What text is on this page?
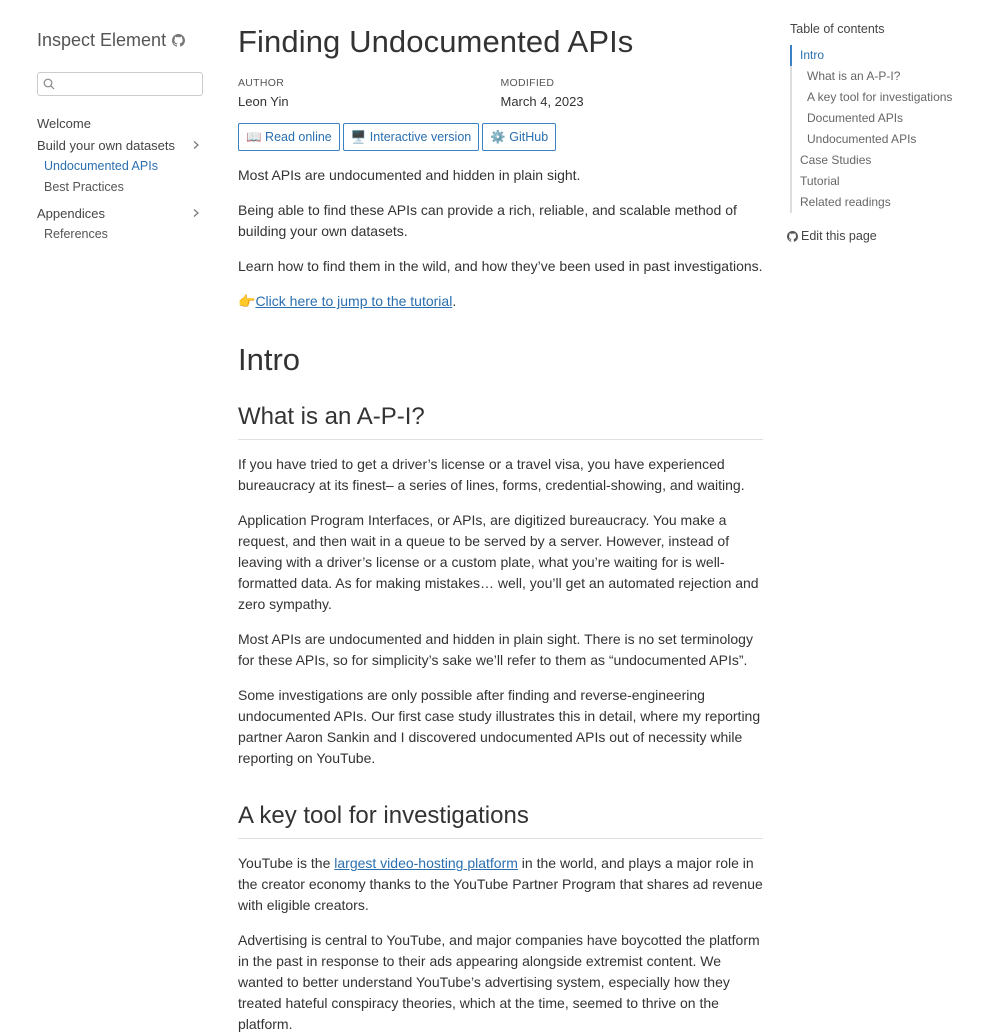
Inspect Element
Welcome
Build your own datasets
Undocumented APIs
Best Practices
Appendices
References
Finding Undocumented APIs
AUTHOR
Leon Yin
MODIFIED
March 4, 2023
📖 Read online	🖥️ Interactive version	⚙️ GitHub

Most APIs are undocumented and hidden in plain sight.

Being able to find these APIs can provide a rich, reliable, and scalable method of building your own datasets.

Learn how to find them in the wild, and how they’ve been used in past investigations.

👉Click here to jump to the tutorial.

Intro
What is an A-P-I?

If you have tried to get a driver’s license or a travel visa, you have experienced bureaucracy at its finest– a series of lines, forms, credential-showing, and waiting.

Application Program Interfaces, or APIs, are digitized bureaucracy. You make a request, and then wait in a queue to be served by a server. However, instead of leaving with a driver’s license or a custom plate, what you’re waiting for is well-formatted data. As for making mistakes… well, you’ll get an automated rejection and zero sympathy.

Most APIs are undocumented and hidden in plain sight. There is no set terminology for these APIs, so for simplicity’s sake we’ll refer to them as “undocumented APIs”.

Some investigations are only possible after finding and reverse-engineering undocumented APIs. Our first case study illustrates this in detail, where my reporting partner Aaron Sankin and I discovered undocumented APIs out of necessity while reporting on YouTube.

A key tool for investigations

YouTube is the largest video-hosting platform in the world, and plays a major role in the creator economy thanks to the YouTube Partner Program that shares ad revenue with eligible creators.

Advertising is central to YouTube, and major companies have boycotted the platform in the past in response to their ads appearing alongside extremist content. We wanted to better understand YouTube’s advertising system, especially how they treated hateful conspiracy theories, which at the time, seemed to thrive on the platform.

Table of contents
Intro
What is an A-P-I?
A key tool for investigations
Documented APIs
Undocumented APIs
Case Studies
Tutorial
Related readings
Edit this page
